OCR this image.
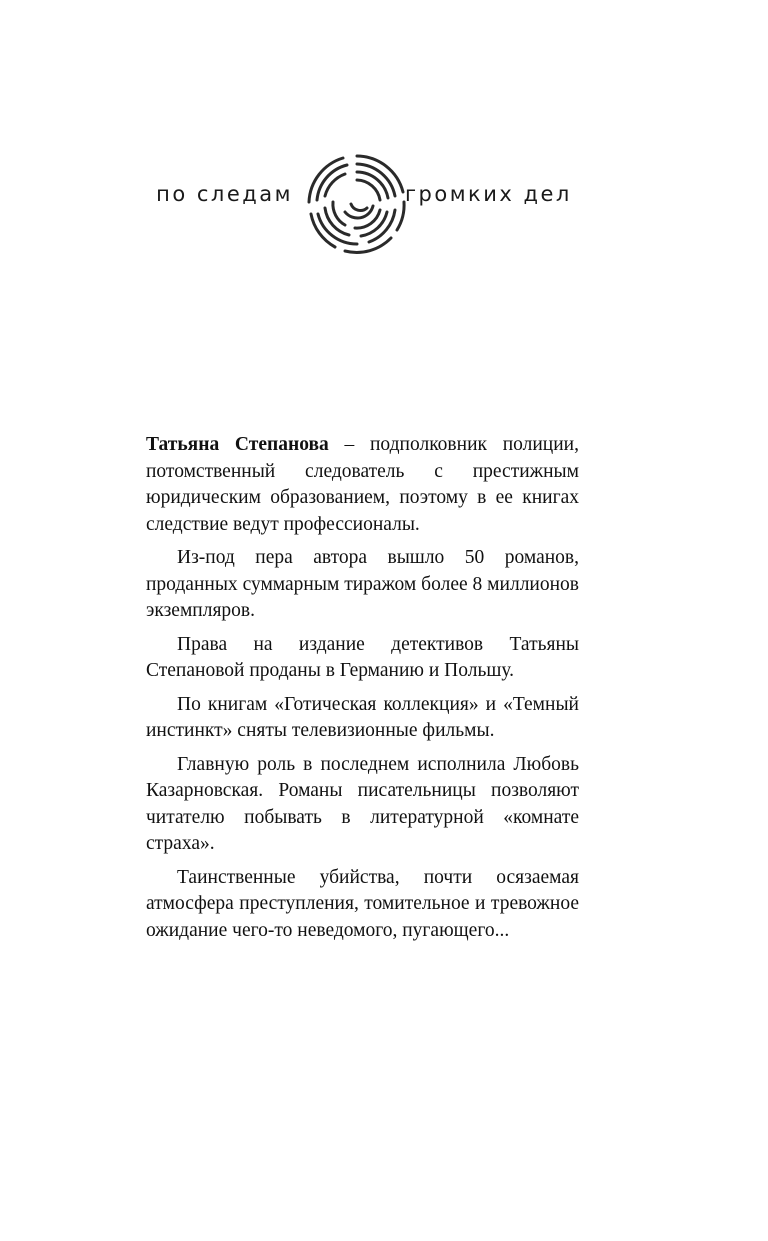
по следам	громких дел

Татьяна Степанова – подполковник полиции, потомственный следователь с престижным юридическим образованием, поэтому в ее книгах следствие ведут профессионалы.

Из-под пера автора вышло 50 романов, проданных суммарным тиражом более 8 миллионов экземпляров.

Права на издание детективов Татьяны Степановой проданы в Германию и Польшу.

По книгам «Готическая коллекция» и «Темный инстинкт» сняты телевизионные фильмы.

Главную роль в последнем исполнила Любовь Казарновская. Романы писательницы позволяют читателю побывать в литературной «комнате страха».

Таинственные убийства, почти осязаемая атмосфера преступления, томительное и тревожное ожидание чего-то неведомого, пугающего...
